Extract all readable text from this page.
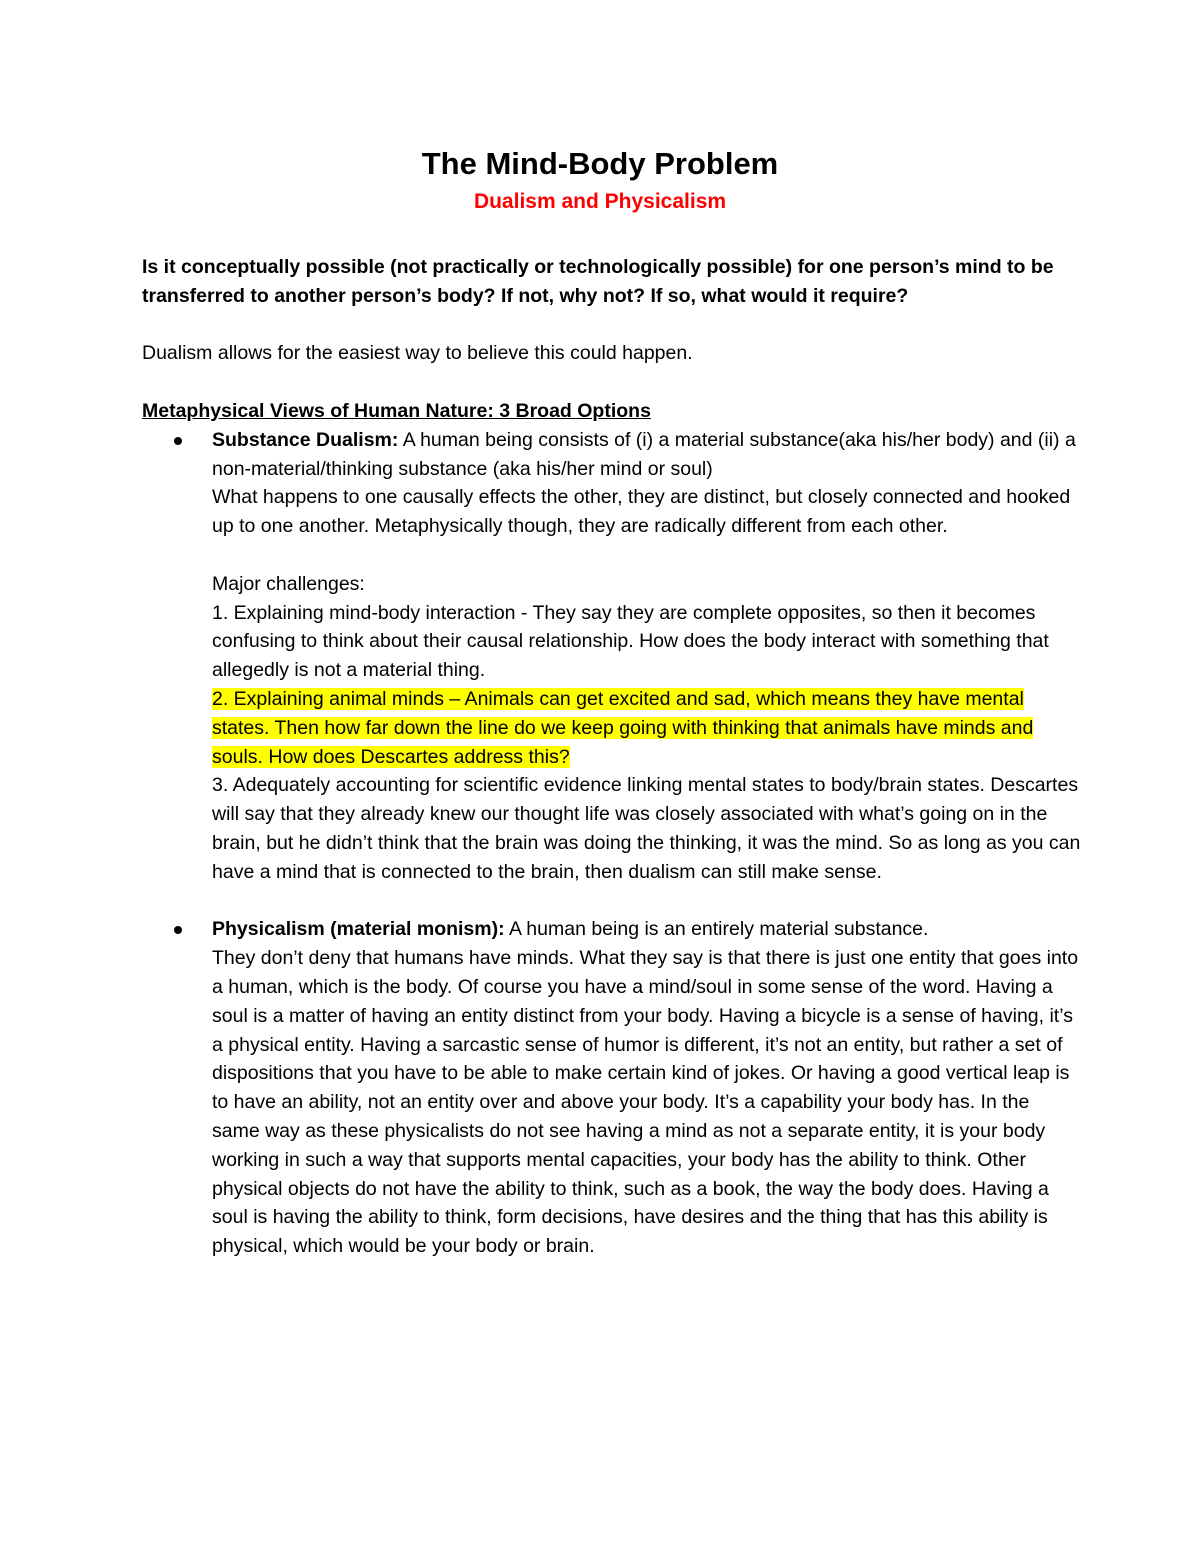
The Mind-Body Problem
Dualism and Physicalism

Is it conceptually possible (not practically or technologically possible) for one person’s mind to be transferred to another person’s body? If not, why not? If so, what would it require?

Dualism allows for the easiest way to believe this could happen.

Metaphysical Views of Human Nature: 3 Broad Options

Substance Dualism: A human being consists of (i) a material substance(aka his/her body) and (ii) a non-material/thinking substance (aka his/her mind or soul)

What happens to one causally effects the other, they are distinct, but closely connected and hooked up to one another. Metaphysically though, they are radically different from each other.

Major challenges:

1. Explaining mind-body interaction - They say they are complete opposites, so then it becomes confusing to think about their causal relationship. How does the body interact with something that allegedly is not a material thing.

2. Explaining animal minds – Animals can get excited and sad, which means they have mental states. Then how far down the line do we keep going with thinking that animals have minds and souls. How does Descartes address this?

3. Adequately accounting for scientific evidence linking mental states to body/brain states. Descartes will say that they already knew our thought life was closely associated with what’s going on in the brain, but he didn’t think that the brain was doing the thinking, it was the mind. So as long as you can have a mind that is connected to the brain, then dualism can still make sense.

Physicalism (material monism): A human being is an entirely material substance.

They don’t deny that humans have minds. What they say is that there is just one entity that goes into a human, which is the body. Of course you have a mind/soul in some sense of the word. Having a soul is a matter of having an entity distinct from your body. Having a bicycle is a sense of having, it’s a physical entity. Having a sarcastic sense of humor is different, it’s not an entity, but rather a set of dispositions that you have to be able to make certain kind of jokes. Or having a good vertical leap is to have an ability, not an entity over and above your body. It’s a capability your body has. In the same way as these physicalists do not see having a mind as not a separate entity, it is your body working in such a way that supports mental capacities, your body has the ability to think. Other physical objects do not have the ability to think, such as a book, the way the body does. Having a soul is having the ability to think, form decisions, have desires and the thing that has this ability is physical, which would be your body or brain.
